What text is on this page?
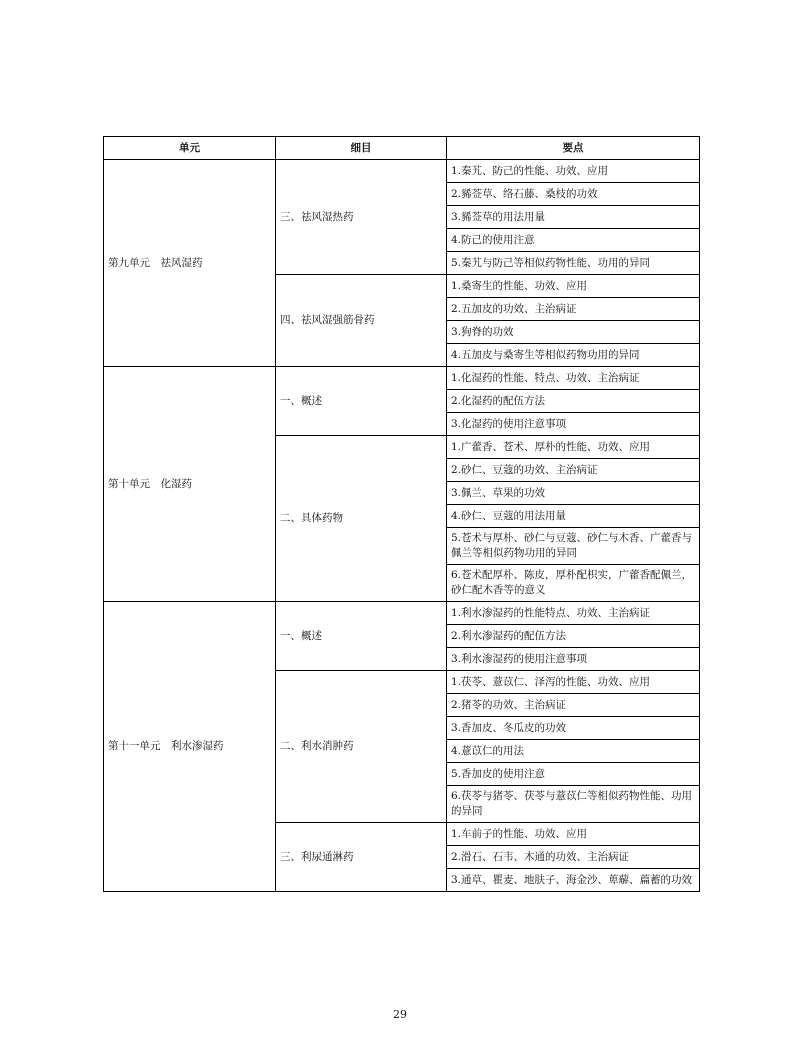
单元	细目	要点
第九单元　祛风湿药	三、祛风湿热药	1.秦艽、防己的性能、功效、应用
		2.豨莶草、络石藤、桑枝的功效
		3.豨莶草的用法用量
		4.防己的使用注意
		5.秦艽与防己等相似药物性能、功用的异同
	四、祛风湿强筋骨药	1.桑寄生的性能、功效、应用
		2.五加皮的功效、主治病证
		3.狗脊的功效
		4.五加皮与桑寄生等相似药物功用的异同
第十单元　化湿药	一、概述	1.化湿药的性能、特点、功效、主治病证
		2.化湿药的配伍方法
		3.化湿药的使用注意事项
	二、具体药物	1.广藿香、苍术、厚朴的性能、功效、应用
		2.砂仁、豆蔻的功效、主治病证
		3.佩兰、草果的功效
		4.砂仁、豆蔻的用法用量
		5.苍术与厚朴、砂仁与豆蔻、砂仁与木香、广藿香与佩兰等相似药物功用的异同
		6.苍术配厚朴、陈皮，厚朴配枳实，广藿香配佩兰，砂仁配木香等的意义
第十一单元　利水渗湿药	一、概述	1.利水渗湿药的性能特点、功效、主治病证
		2.利水渗湿药的配伍方法
		3.利水渗湿药的使用注意事项
	二、利水消肿药	1.茯苓、薏苡仁、泽泻的性能、功效、应用
		2.猪苓的功效、主治病证
		3.香加皮、冬瓜皮的功效
		4.薏苡仁的用法
		5.香加皮的使用注意
		6.茯苓与猪苓、茯苓与薏苡仁等相似药物性能、功用的异同
	三、利尿通淋药	1.车前子的性能、功效、应用
		2.滑石、石韦、木通的功效、主治病证
		3.通草、瞿麦、地肤子、海金沙、萆薢、萹蓄的功效
29
